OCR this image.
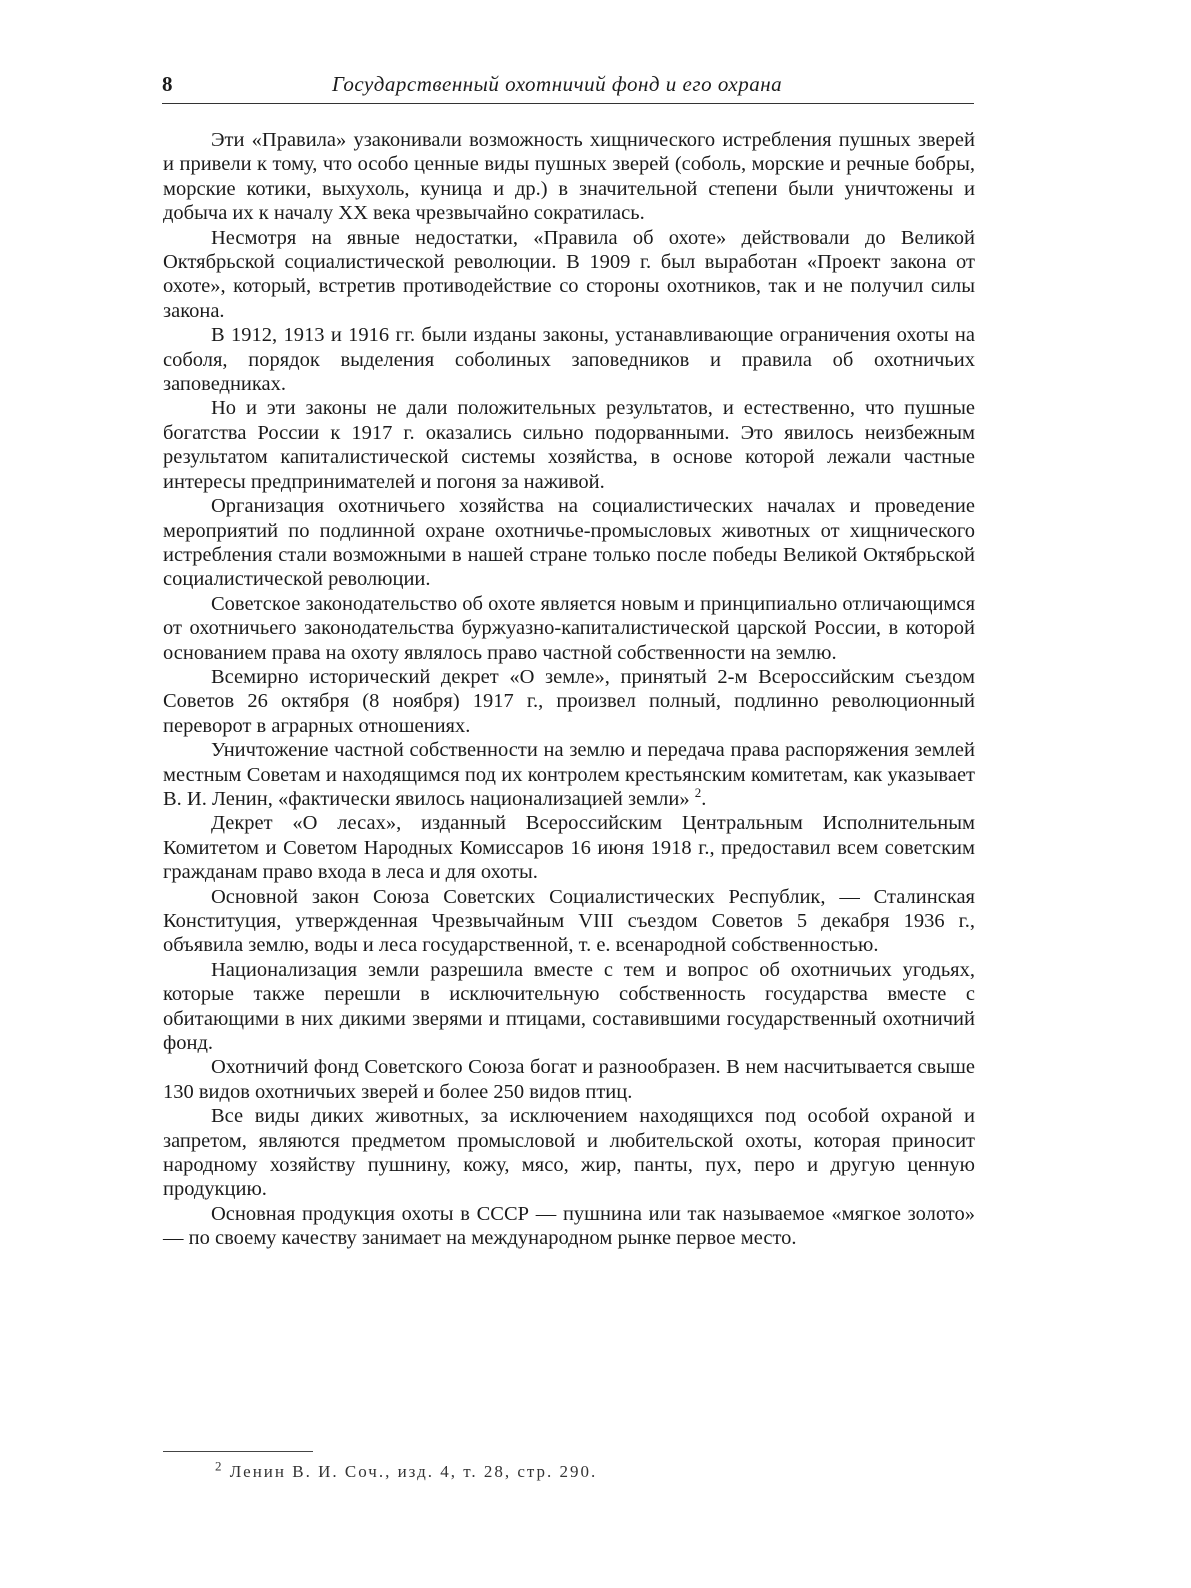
8	Государственный охотничий фонд и его охрана

Эти «Правила» узаконивали возможность хищнического истребления пушных зверей и привели к тому, что особо ценные виды пушных зверей (соболь, морские и речные бобры, морские котики, выхухоль, куница и др.) в значительной степени были уничтожены и добыча их к началу XX века чрезвычайно сократилась.

Несмотря на явные недостатки, «Правила об охоте» действовали до Великой Октябрьской социалистической революции. В 1909 г. был выработан «Проект закона от охоте», который, встретив противодействие со стороны охотников, так и не получил силы закона.

В 1912, 1913 и 1916 гг. были изданы законы, устанавливающие ограничения охоты на соболя, порядок выделения соболиных заповедников и правила об охотничьих заповедниках.

Но и эти законы не дали положительных результатов, и естественно, что пушные богатства России к 1917 г. оказались сильно подорванными. Это явилось неизбежным результатом капиталистической системы хозяйства, в основе которой лежали частные интересы предпринимателей и погоня за наживой.

Организация охотничьего хозяйства на социалистических началах и проведение мероприятий по подлинной охране охотничье-промысловых животных от хищнического истребления стали возможными в нашей стране только после победы Великой Октябрьской социалистической революции.

Советское законодательство об охоте является новым и принципиально отличающимся от охотничьего законодательства буржуазно-капиталистической царской России, в которой основанием права на охоту являлось право частной собственности на землю.

Всемирно исторический декрет «О земле», принятый 2-м Всероссийским съездом Советов 26 октября (8 ноября) 1917 г., произвел полный, подлинно революционный переворот в аграрных отношениях.

Уничтожение частной собственности на землю и передача права распоряжения землей местным Советам и находящимся под их контролем крестьянским комитетам, как указывает В. И. Ленин, «фактически явилось национализацией земли» $^2$.

Декрет «О лесах», изданный Всероссийским Центральным Исполнительным Комитетом и Советом Народных Комиссаров 16 июня 1918 г., предоставил всем советским гражданам право входа в леса и для охоты.

Основной закон Союза Советских Социалистических Республик, — Сталинская Конституция, утвержденная Чрезвычайным VIII съездом Советов 5 декабря 1936 г., объявила землю, воды и леса государственной, т. е. всенародной собственностью.

Национализация земли разрешила вместе с тем и вопрос об охотничьих угодьях, которые также перешли в исключительную собственность государства вместе с обитающими в них дикими зверями и птицами, составившими государственный охотничий фонд.

Охотничий фонд Советского Союза богат и разнообразен. В нем насчитывается свыше 130 видов охотничьих зверей и более 250 видов птиц.

Все виды диких животных, за исключением находящихся под особой охраной и запретом, являются предметом промысловой и любительской охоты, которая приносит народному хозяйству пушнину, кожу, мясо, жир, панты, пух, перо и другую ценную продукцию.

Основная продукция охоты в СССР — пушнина или так называемое «мягкое золото» — по своему качеству занимает на международном рынке первое место.

$^2$ Ленин В. И. Соч., изд. 4, т. 28, стр. 290.
